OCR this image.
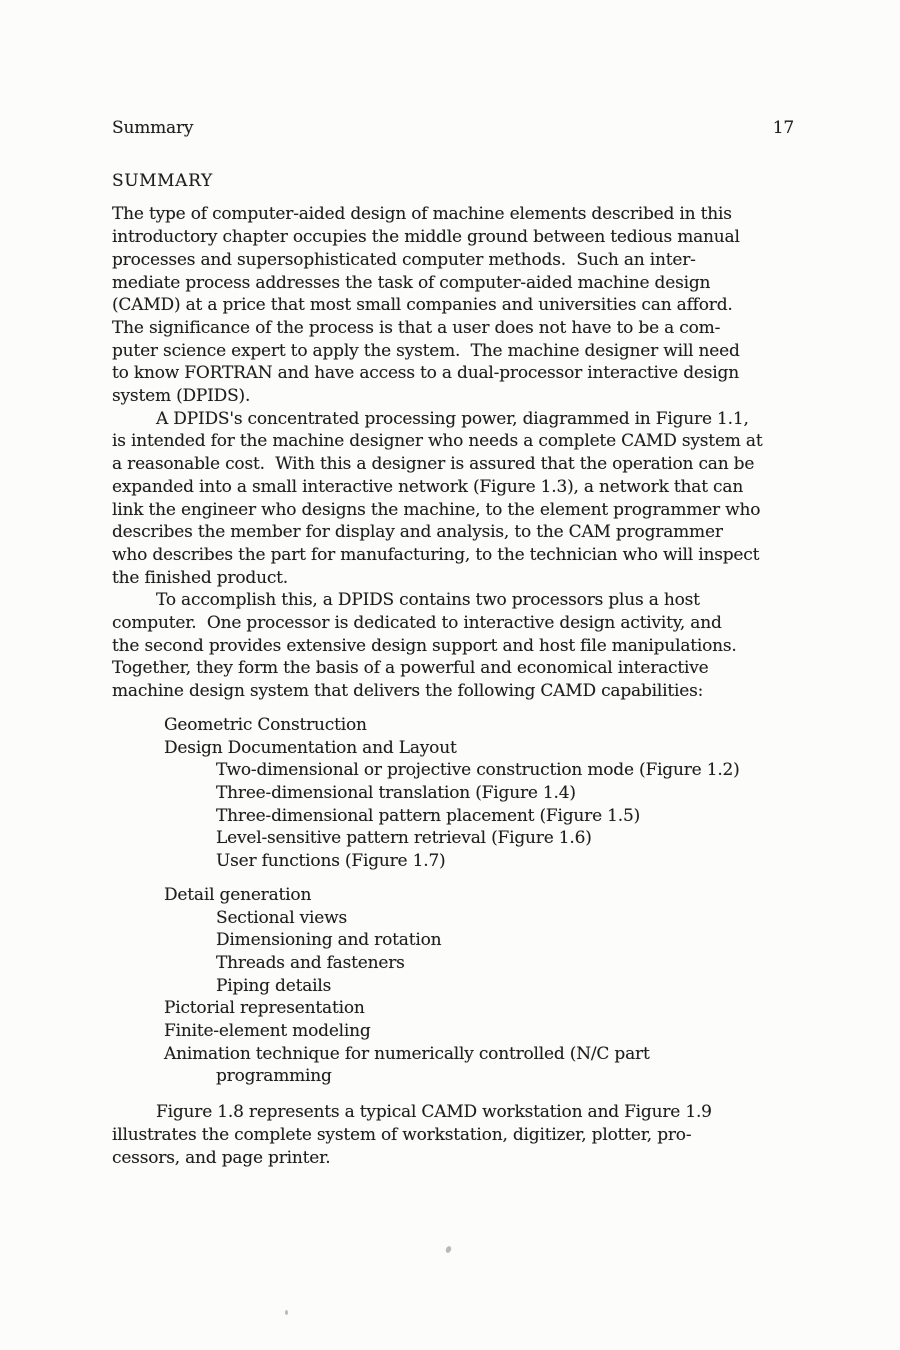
Summary	17
SUMMARY
The type of computer-aided design of machine elements described in this
introductory chapter occupies the middle ground between tedious manual
processes and supersophisticated computer methods.  Such an inter-
mediate process addresses the task of computer-aided machine design
(CAMD) at a price that most small companies and universities can afford.
The significance of the process is that a user does not have to be a com-
puter science expert to apply the system.  The machine designer will need
to know FORTRAN and have access to a dual-processor interactive design
system (DPIDS).
A DPIDS's concentrated processing power, diagrammed in Figure 1.1,
is intended for the machine designer who needs a complete CAMD system at
a reasonable cost.  With this a designer is assured that the operation can be
expanded into a small interactive network (Figure 1.3), a network that can
link the engineer who designs the machine, to the element programmer who
describes the member for display and analysis, to the CAM programmer
who describes the part for manufacturing, to the technician who will inspect
the finished product.
To accomplish this, a DPIDS contains two processors plus a host
computer.  One processor is dedicated to interactive design activity, and
the second provides extensive design support and host file manipulations.
Together, they form the basis of a powerful and economical interactive
machine design system that delivers the following CAMD capabilities:
Geometric Construction
Design Documentation and Layout
Two-dimensional or projective construction mode (Figure 1.2)
Three-dimensional translation (Figure 1.4)
Three-dimensional pattern placement (Figure 1.5)
Level-sensitive pattern retrieval (Figure 1.6)
User functions (Figure 1.7)
Detail generation
Sectional views
Dimensioning and rotation
Threads and fasteners
Piping details
Pictorial representation
Finite-element modeling
Animation technique for numerically controlled (N/C part
programming
Figure 1.8 represents a typical CAMD workstation and Figure 1.9
illustrates the complete system of workstation, digitizer, plotter, pro-
cessors, and page printer.
